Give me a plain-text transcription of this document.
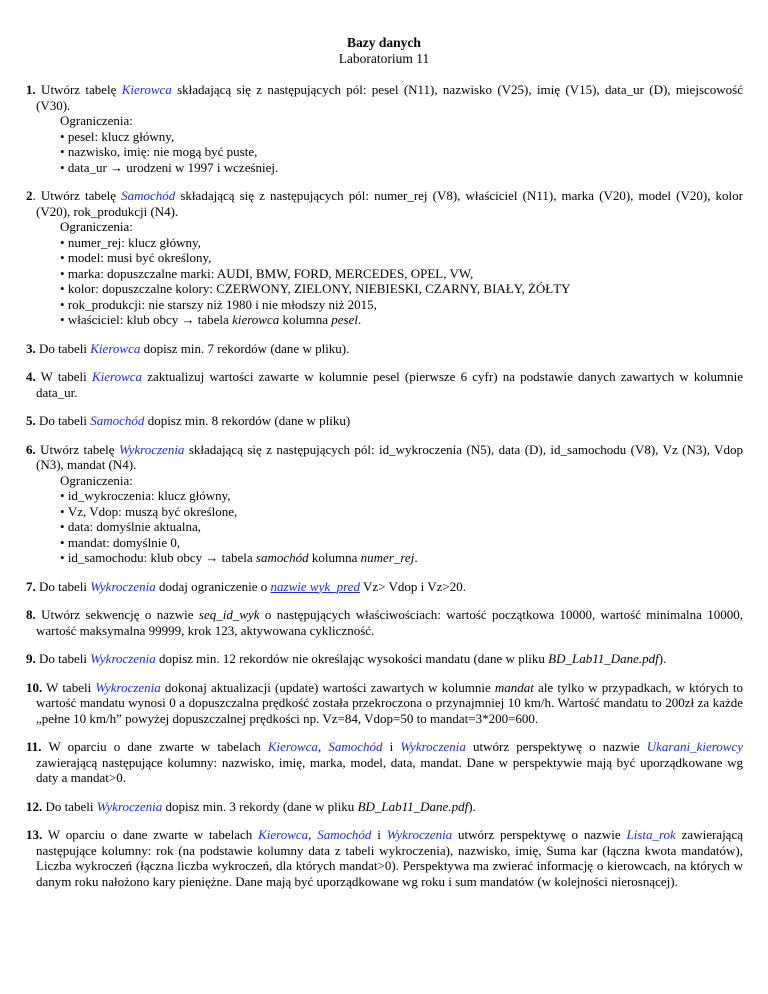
Bazy danych
Laboratorium 11
1. Utwórz tabelę Kierowca składającą się z następujących pól: pesel (N11), nazwisko (V25), imię (V15), data_ur (D), miejscowość (V30).
Ograniczenia:
• pesel: klucz główny,
• nazwisko, imię: nie mogą być puste,
• data_ur → urodzeni w 1997 i wcześniej.
2. Utwórz tabelę Samochód składającą się z następujących pól: numer_rej (V8), właściciel (N11), marka (V20), model (V20), kolor (V20), rok_produkcji (N4).
Ograniczenia:
• numer_rej: klucz główny,
• model: musi być określony,
• marka: dopuszczalne marki: AUDI, BMW, FORD, MERCEDES, OPEL, VW,
• kolor: dopuszczalne kolory: CZERWONY, ZIELONY, NIEBIESKI, CZARNY, BIAŁY, ŻÓŁTY
• rok_produkcji: nie starszy niż 1980 i nie młodszy niż 2015,
• właściciel: klub obcy → tabela kierowca kolumna pesel.
3. Do tabeli Kierowca dopisz min. 7 rekordów (dane w pliku).
4. W tabeli Kierowca zaktualizuj wartości zawarte w kolumnie pesel (pierwsze 6 cyfr) na podstawie danych zawartych w kolumnie data_ur.
5. Do tabeli Samochód dopisz min. 8 rekordów (dane w pliku)
6. Utwórz tabelę Wykroczenia składającą się z następujących pól: id_wykroczenia (N5), data (D), id_samochodu (V8), Vz (N3), Vdop (N3), mandat (N4).
Ograniczenia:
• id_wykroczenia: klucz główny,
• Vz, Vdop: muszą być określone,
• data: domyślnie aktualna,
• mandat: domyślnie 0,
• id_samochodu: klub obcy → tabela samochód kolumna numer_rej.
7. Do tabeli Wykroczenia dodaj ograniczenie o nazwie wyk_pred Vz> Vdop i Vz>20.
8. Utwórz sekwencję o nazwie seq_id_wyk o następujących właściwościach: wartość początkowa 10000, wartość minimalna 10000, wartość maksymalna 99999, krok 123, aktywowana cykliczność.
9. Do tabeli Wykroczenia dopisz min. 12 rekordów nie określając wysokości mandatu (dane w pliku BD_Lab11_Dane.pdf).
10. W tabeli Wykroczenia dokonaj aktualizacji (update) wartości zawartych w kolumnie mandat ale tylko w przypadkach, w których to wartość mandatu wynosi 0 a dopuszczalna prędkość została przekroczona o przynajmniej 10 km/h. Wartość mandatu to 200zł za każde „pełne 10 km/h” powyżej dopuszczalnej prędkości np. Vz=84, Vdop=50 to mandat=3*200=600.
11. W oparciu o dane zwarte w tabelach Kierowca, Samochód i Wykroczenia utwórz perspektywę o nazwie Ukarani_kierowcy zawierającą następujące kolumny: nazwisko, imię, marka, model, data, mandat. Dane w perspektywie mają być uporządkowane wg daty a mandat>0.
12. Do tabeli Wykroczenia dopisz min. 3 rekordy (dane w pliku BD_Lab11_Dane.pdf).
13. W oparciu o dane zwarte w tabelach Kierowca, Samochód i Wykroczenia utwórz perspektywę o nazwie Lista_rok zawierającą następujące kolumny: rok (na podstawie kolumny data z tabeli wykroczenia), nazwisko, imię, Suma kar (łączna kwota mandatów), Liczba wykroczeń (łączna liczba wykroczeń, dla których mandat>0). Perspektywa ma zwierać informację o kierowcach, na których w danym roku nałożono kary pieniężne. Dane mają być uporządkowane wg roku i sum mandatów (w kolejności nierosnącej).
